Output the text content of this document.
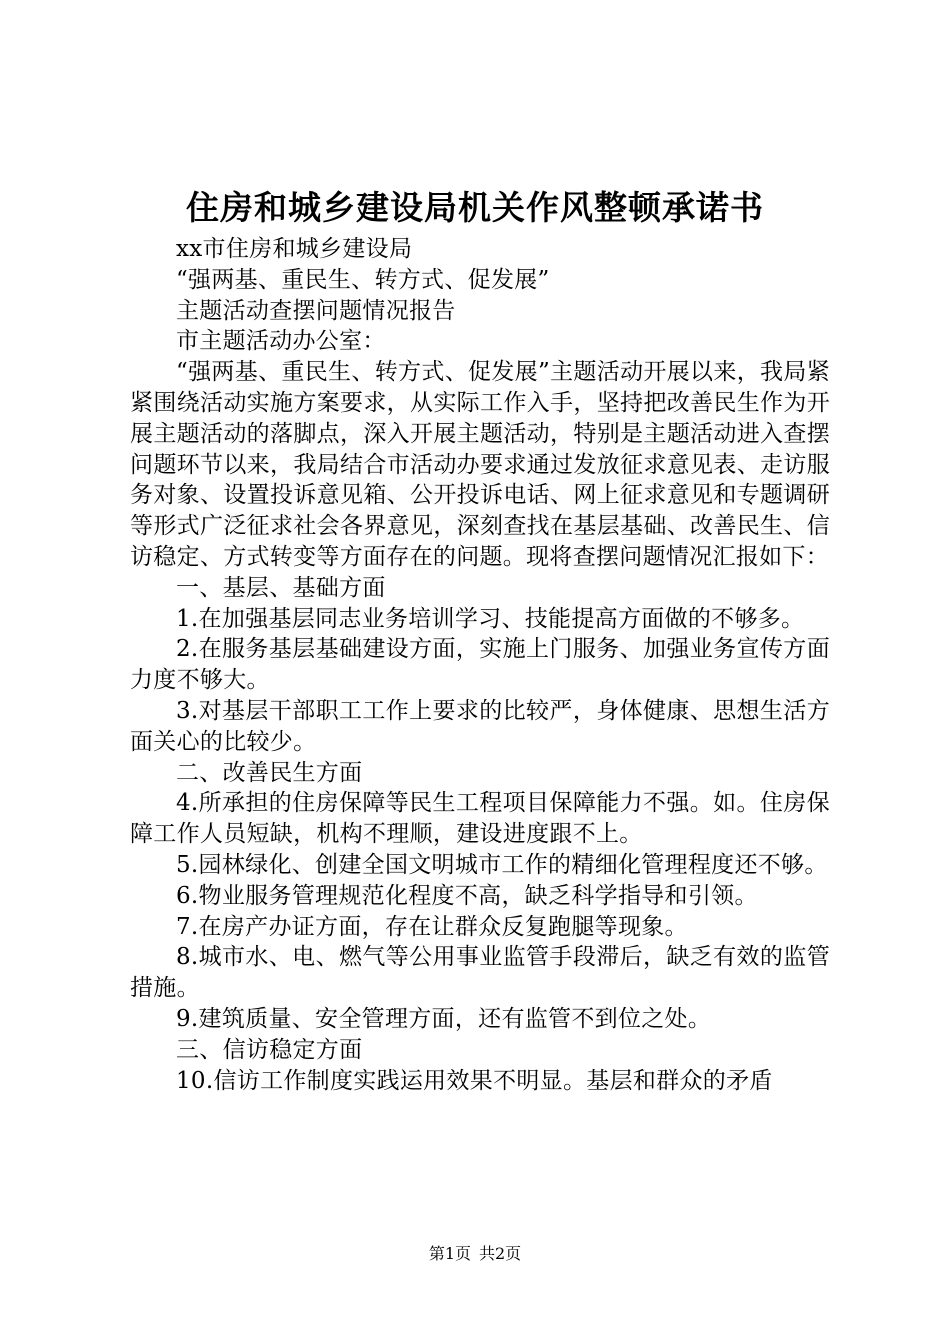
住房和城乡建设局机关作风整顿承诺书

xx市住房和城乡建设局

“强两基、重民生、转方式、促发展”

主题活动查摆问题情况报告

市主题活动办公室：

“强两基、重民生、转方式、促发展”主题活动开展以来，我局紧紧围绕活动实施方案要求，从实际工作入手，坚持把改善民生作为开展主题活动的落脚点，深入开展主题活动，特别是主题活动进入查摆问题环节以来，我局结合市活动办要求通过发放征求意见表、走访服务对象、设置投诉意见箱、公开投诉电话、网上征求意见和专题调研等形式广泛征求社会各界意见，深刻查找在基层基础、改善民生、信访稳定、方式转变等方面存在的问题。现将查摆问题情况汇报如下：

一、基层、基础方面

1.在加强基层同志业务培训学习、技能提高方面做的不够多。

2.在服务基层基础建设方面，实施上门服务、加强业务宣传方面力度不够大。

3.对基层干部职工工作上要求的比较严，身体健康、思想生活方面关心的比较少。

二、改善民生方面

4.所承担的住房保障等民生工程项目保障能力不强。如。住房保障工作人员短缺，机构不理顺，建设进度跟不上。

5.园林绿化、创建全国文明城市工作的精细化管理程度还不够。

6.物业服务管理规范化程度不高，缺乏科学指导和引领。

7.在房产办证方面，存在让群众反复跑腿等现象。

8.城市水、电、燃气等公用事业监管手段滞后，缺乏有效的监管措施。

9.建筑质量、安全管理方面，还有监管不到位之处。

三、信访稳定方面

10.信访工作制度实践运用效果不明显。基层和群众的矛盾

第1页 共2页
